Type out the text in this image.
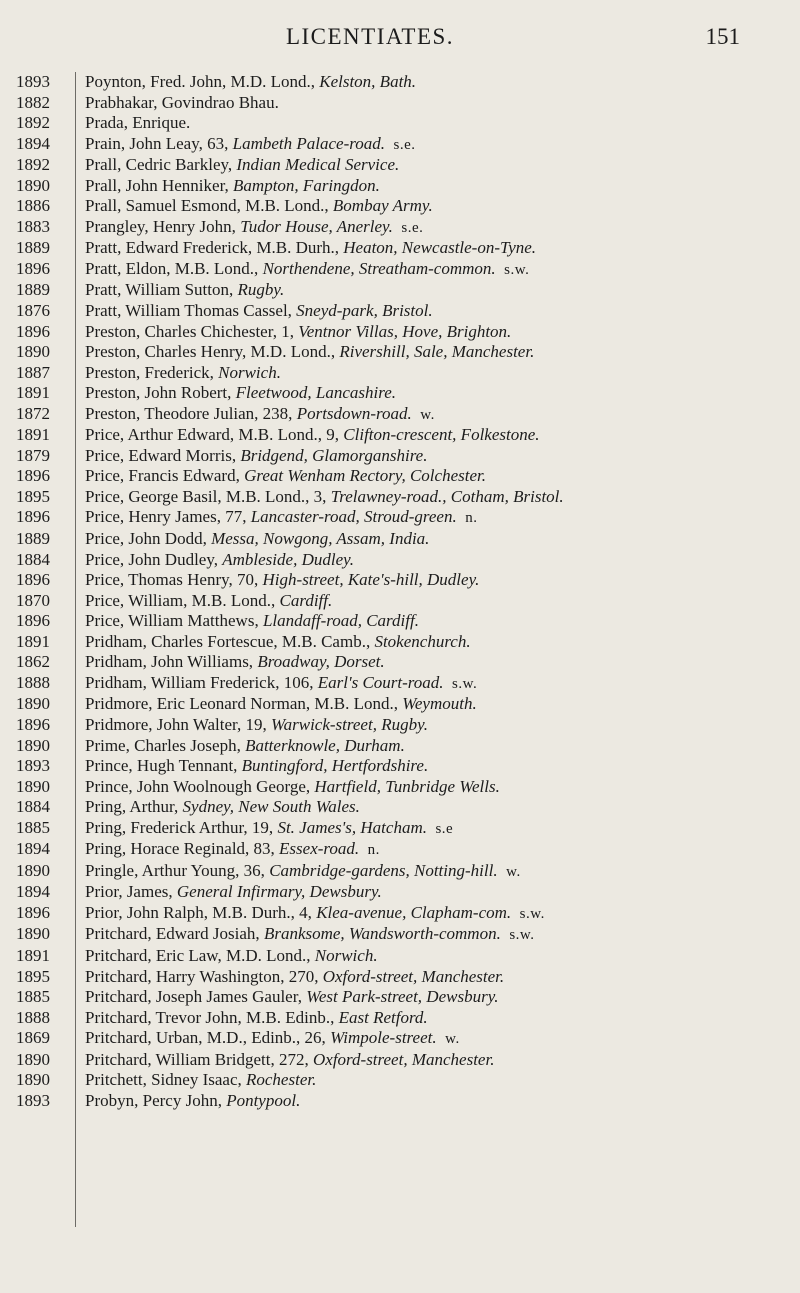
LICENTIATES.	151
1893	Poynton, Fred. John, M.D. Lond., Kelston, Bath.
1882	Prabhakar, Govindrao Bhau.
1892	Prada, Enrique.
1894	Prain, John Leay, 63, Lambeth Palace-road. s.e.
1892	Prall, Cedric Barkley, Indian Medical Service.
1890	Prall, John Henniker, Bampton, Faringdon.
1886	Prall, Samuel Esmond, M.B. Lond., Bombay Army.
1883	Prangley, Henry John, Tudor House, Anerley. s.e.
1889	Pratt, Edward Frederick, M.B. Durh., Heaton, Newcastle-on-Tyne.
1896	Pratt, Eldon, M.B. Lond., Northendene, Streatham-common. s.w.
1889	Pratt, William Sutton, Rugby.
1876	Pratt, William Thomas Cassel, Sneyd-park, Bristol.
1896	Preston, Charles Chichester, 1, Ventnor Villas, Hove, Brighton.
1890	Preston, Charles Henry, M.D. Lond., Rivershill, Sale, Manchester.
1887	Preston, Frederick, Norwich.
1891	Preston, John Robert, Fleetwood, Lancashire.
1872	Preston, Theodore Julian, 238, Portsdown-road. w.
1891	Price, Arthur Edward, M.B. Lond., 9, Clifton-crescent, Folkestone.
1879	Price, Edward Morris, Bridgend, Glamorganshire.
1896	Price, Francis Edward, Great Wenham Rectory, Colchester.
1895	Price, George Basil, M.B. Lond., 3, Trelawney-road., Cotham, Bristol.
1896	Price, Henry James, 77, Lancaster-road, Stroud-green. n.
1889	Price, John Dodd, Messa, Nowgong, Assam, India.
1884	Price, John Dudley, Ambleside, Dudley.
1896	Price, Thomas Henry, 70, High-street, Kate's-hill, Dudley.
1870	Price, William, M.B. Lond., Cardiff.
1896	Price, William Matthews, Llandaff-road, Cardiff.
1891	Pridham, Charles Fortescue, M.B. Camb., Stokenchurch.
1862	Pridham, John Williams, Broadway, Dorset.
1888	Pridham, William Frederick, 106, Earl's Court-road. s.w.
1890	Pridmore, Eric Leonard Norman, M.B. Lond., Weymouth.
1896	Pridmore, John Walter, 19, Warwick-street, Rugby.
1890	Prime, Charles Joseph, Batterknowle, Durham.
1893	Prince, Hugh Tennant, Buntingford, Hertfordshire.
1890	Prince, John Woolnough George, Hartfield, Tunbridge Wells.
1884	Pring, Arthur, Sydney, New South Wales.
1885	Pring, Frederick Arthur, 19, St. James's, Hatcham. s.e
1894	Pring, Horace Reginald, 83, Essex-road. n.
1890	Pringle, Arthur Young, 36, Cambridge-gardens, Notting-hill. w.
1894	Prior, James, General Infirmary, Dewsbury.
1896	Prior, John Ralph, M.B. Durh., 4, Klea-avenue, Clapham-com. s.w.
1890	Pritchard, Edward Josiah, Branksome, Wandsworth-common. s.w.
1891	Pritchard, Eric Law, M.D. Lond., Norwich.
1895	Pritchard, Harry Washington, 270, Oxford-street, Manchester.
1885	Pritchard, Joseph James Gauler, West Park-street, Dewsbury.
1888	Pritchard, Trevor John, M.B. Edinb., East Retford.
1869	Pritchard, Urban, M.D., Edinb., 26, Wimpole-street. w.
1890	Pritchard, William Bridgett, 272, Oxford-street, Manchester.
1890	Pritchett, Sidney Isaac, Rochester.
1893	Probyn, Percy John, Pontypool.
